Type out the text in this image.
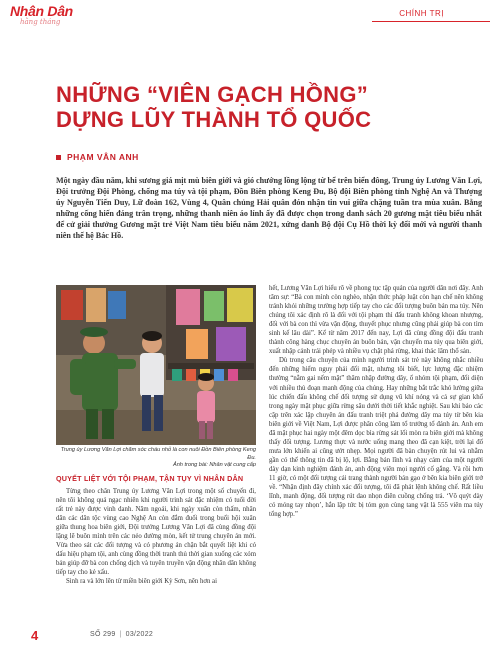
Nhân Dân
hằng tháng
CHÍNH TRỊ
NHỮNG “VIÊN GẠCH HỒNG”
DỰNG LŨY THÀNH TỔ QUỐC
PHẠM VÂN ANH

Một ngày đầu năm, khi sương giá mịt mù biên giới và gió chướng lồng lộng từ bể trên biển đông, Trung úy Lương Văn Lợi, Đội trưởng Đội Phòng, chống ma túy và tội phạm, Đồn Biên phòng Keng Đu, Bộ đội Biên phòng tỉnh Nghệ An và Thượng úy Nguyễn Tiến Duy, Lữ đoàn 162, Vùng 4, Quân chủng Hải quân đón nhận tin vui giữa chặng tuần tra mùa xuân. Bằng những cống hiến đáng trân trọng, những thanh niên áo lính ấy đã được chọn trong danh sách 20 gương mặt tiêu biểu nhất để cử giải thưởng Gương mặt trẻ Việt Nam tiêu biểu năm 2021, xứng danh Bộ đội Cụ Hồ thời kỳ đổi mới và người thanh niên thế hệ Bác Hồ.

Trung úy Lương Văn Lợi chăm sóc cháu nhỏ là con nuôi Đồn Biên phòng Keng Đu.
Ảnh trong bài: Nhân vật cung cấp
QUYẾT LIỆT VỚI TỘI PHẠM, TẬN TỤY VÌ NHÂN DÂN

Từng theo chân Trung úy Lương Văn Lợi trong một số chuyến đi, nên tôi không quá ngạc nhiên khi người trinh sát đặc nhiệm có tuổi đời rất trẻ này được vinh danh. Năm ngoái, khi ngày xuân còn thấm, nhân dân các dân tộc vùng cao Nghệ An còn đắm đuối trong buổi hội xuân giữa thung hoa biên giới, Đội trưởng Lương Văn Lợi đã cùng đồng đội lặng lẽ buôn mình trên các nẻo đường mòn, kết tử trung chuyên án mới. Vừa theo sát các đối tượng và có phương án chặn bắt quyết liệt khi có dấu hiệu phạm tội, anh cùng đồng thời tranh thủ thời gian xuống các xóm bản giúp đỡ bà con chống dịch và tuyên truyền vận động nhân dân không tiếp tay cho kẻ xấu.

Sinh ra và lớn lên từ miền biên giới Kỳ Sơn, nên hơn ai

hết, Lương Văn Lợi hiểu rõ về phong tục tập quán của người dân nơi đây. Anh tâm sự: “Bà con mình còn nghèo, nhận thức pháp luật còn hạn chế nên không tránh khỏi những trường hợp tiếp tay cho các đối tượng buôn bán ma túy. Nên chúng tôi xác định rõ là đối với tội phạm thì đấu tranh không khoan nhượng, đối với bà con thì vừa vận động, thuyết phục nhưng cũng phải giúp bà con tìm sinh kế lâu dài”. Kể từ năm 2017 đến nay, Lợi đã cùng đồng đội đấu tranh thành công hàng chục chuyên án buôn bán, vận chuyển ma túy qua biên giới, xuất nhập cảnh trái phép và nhiều vụ chặt phá rừng, khai thác lâm thổ sản.

Dù trong câu chuyện của mình người trinh sát trẻ này không nhắc nhiều đến những hiểm nguy phải đối mặt, nhưng tôi biết, lực lượng đặc nhiệm thường “nằm gai nếm mật” thâm nhập đường dây, ổ nhóm tội phạm, đối diện với nhiều thủ đoạn manh động của chúng. Hay những bắt trắc khó lường giữa lúc chiến đấu không chế đối tượng sử dụng vũ khí nóng và cả sự gian khổ trong ngày mặt phục giữa rừng sâu dưới thời tiết khắc nghiệt. Sau khi bảo các cặp trên xác lập chuyên án đấu tranh triệt phá đường dây ma túy từ bên kia biên giới về Việt Nam, Lợi được phân công làm tổ trưởng tổ đánh án. Anh em đã mặt phục hai ngày một đêm dọc bìa rừng sát lối mòn ra biên giới mà không thấy đối tượng. Lương thực và nước uống mang theo đã cạn kiệt, trời lại đổ mưa lớn khiến ai cũng ướt nhẹp. Mọi người đã bàn chuyện rút lui và nhằm gần có thể thông tin đã bị lộ, lợi. Bằng bản lĩnh và nhạy cảm của một người dày dạn kinh nghiệm đánh án, anh động viên mọi người cố gắng. Và rồi hơn 11 giờ, có một đối tượng cải trang thành người bán gạo ở bên kia biên giới trở về. “Nhận định đây chính xác đối tượng, tôi đã phát lệnh không chế. Rất liều lĩnh, manh động, đối tượng rút dao nhọn điên cuồng chống trả. ‘Vô quýt dày có móng tay nhọn’, hắn lập tức bị tóm gọn cùng tang vật là 555 viên ma túy tổng hợp.”

4	SỐ 299 | 03/2022
